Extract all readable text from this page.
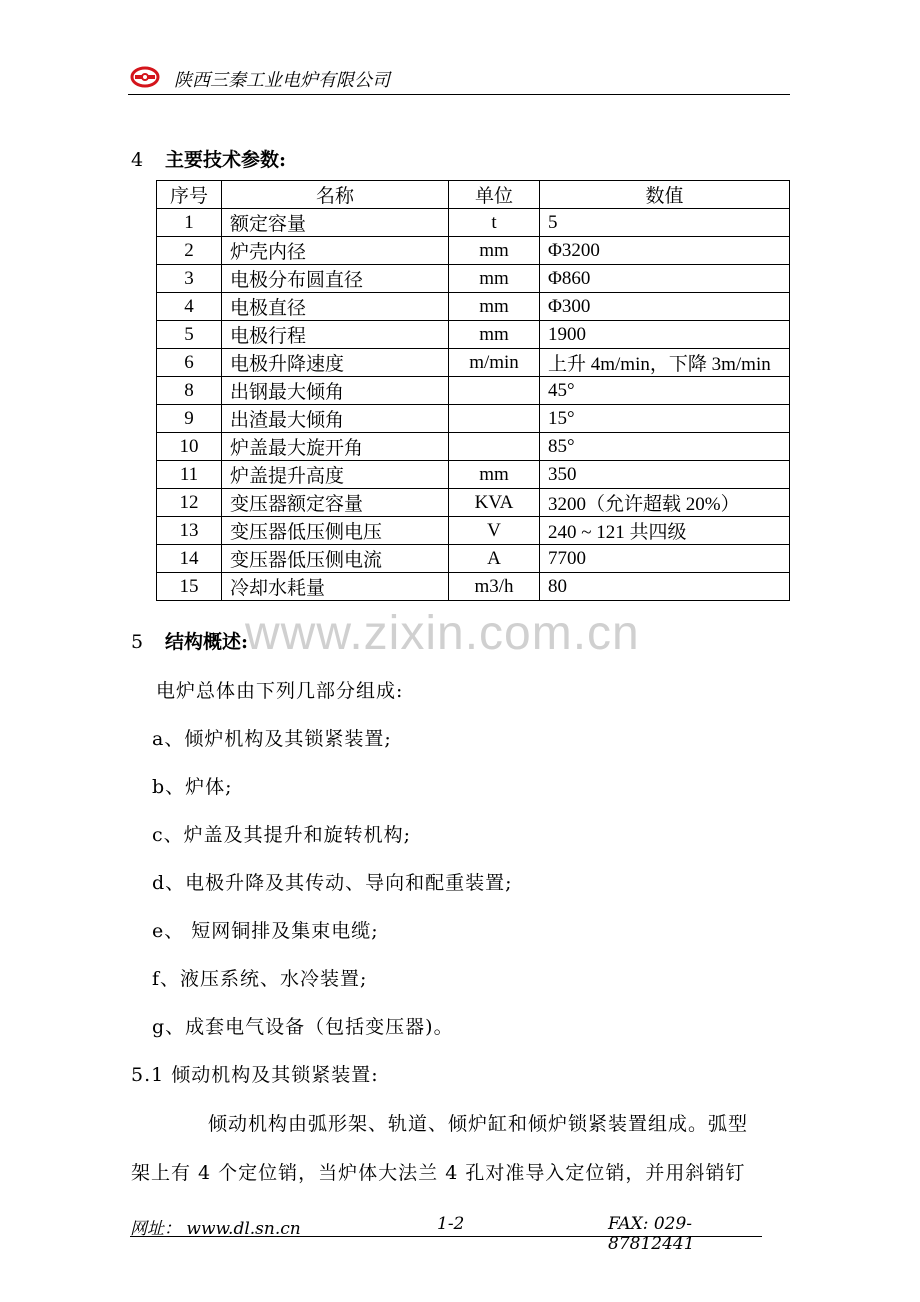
陕西三秦工业电炉有限公司
4 主要技术参数:
序号	名称	单位	数值
1	额定容量	t	5
2	炉壳内径	mm	Φ3200
3	电极分布圆直径	mm	Φ860
4	电极直径	mm	Φ300
5	电极行程	mm	1900
6	电极升降速度	m/min	上升 4m/min，下降 3m/min
8	出钢最大倾角		45°
9	出渣最大倾角		15°
10	炉盖最大旋开角		85°
11	炉盖提升高度	mm	350
12	变压器额定容量	KVA	3200（允许超载 20%）
13	变压器低压侧电压	V	240 ~ 121 共四级
14	变压器低压侧电流	A	7700
15	冷却水耗量	m3/h	80
5 结构概述:
www.zixin.com.cn
电炉总体由下列几部分组成:
a、倾炉机构及其锁紧装置;
b、炉体;
c、炉盖及其提升和旋转机构;
d、电极升降及其传动、导向和配重装置;
e、 短网铜排及集束电缆;
f、液压系统、水冷装置;
g、成套电气设备（包括变压器)。
5.1 倾动机构及其锁紧装置:
倾动机构由弧形架、轨道、倾炉缸和倾炉锁紧装置组成。弧型
架上有 4 个定位销，当炉体大法兰 4 孔对准导入定位销，并用斜销钉
网址： www.dl.sn.cn	1-2	FAX: 029-87812441
